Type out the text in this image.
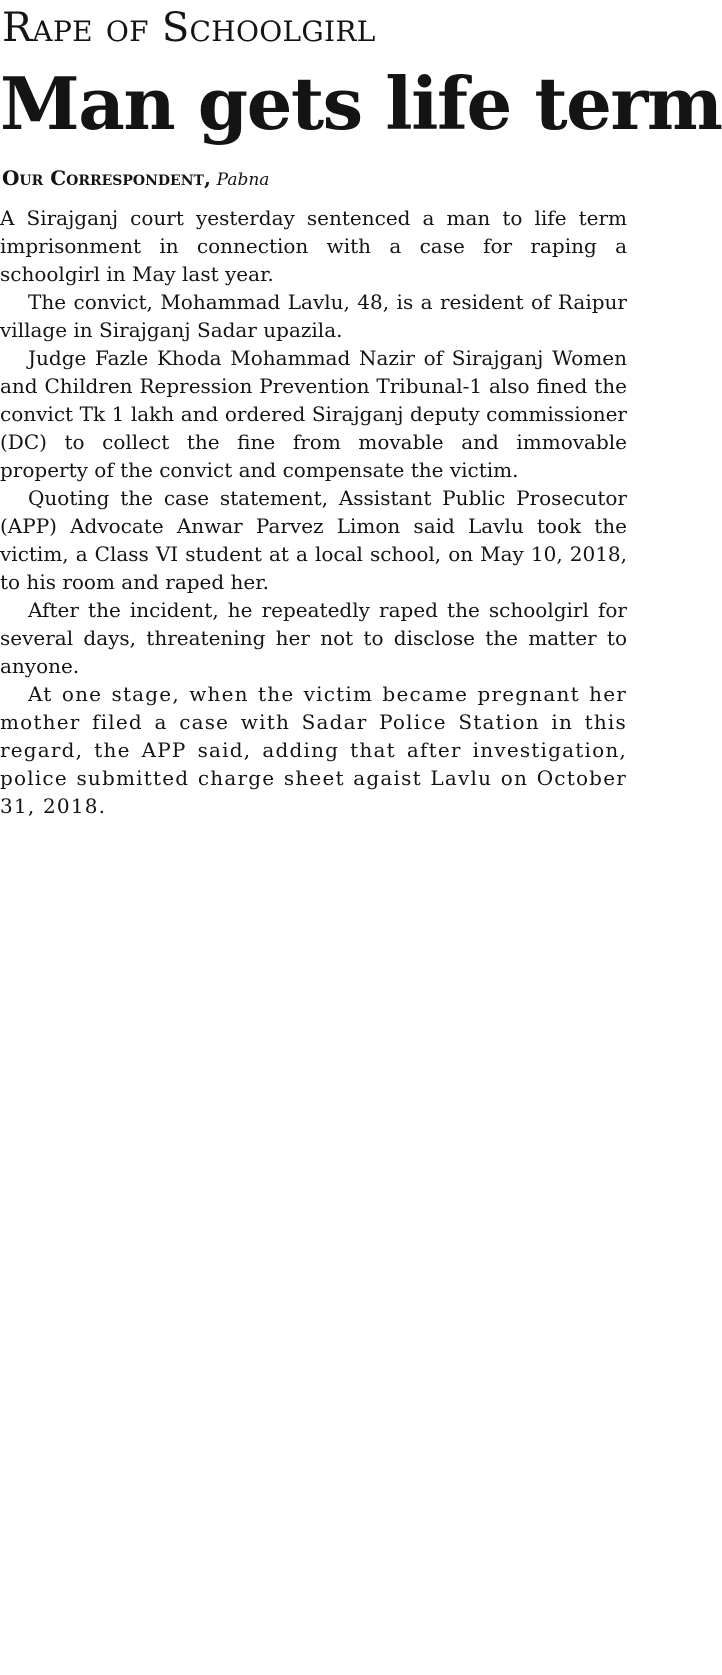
Rape of Schoolgirl
Man gets life term
Our Correspondent, Pabna

A Sirajganj court yesterday sentenced a man to life term imprisonment in connection with a case for raping a schoolgirl in May last year.

The convict, Mohammad Lavlu, 48, is a resident of Raipur village in Sirajganj Sadar upazila.

Judge Fazle Khoda Mohammad Nazir of Sirajganj Women and Children Repression Prevention Tribunal-1 also fined the convict Tk 1 lakh and ordered Sirajganj deputy commissioner (DC) to collect the fine from movable and immovable property of the convict and compensate the victim.

Quoting the case statement, Assistant Public Prosecutor (APP) Advocate Anwar Parvez Limon said Lavlu took the victim, a Class VI student at a local school, on May 10, 2018, to his room and raped her.

After the incident, he repeatedly raped the schoolgirl for several days, threatening her not to disclose the matter to anyone.

At one stage, when the victim became pregnant her mother filed a case with Sadar Police Station in this regard, the APP said, adding that after investigation, police submitted charge sheet agaist Lavlu on October 31, 2018.
